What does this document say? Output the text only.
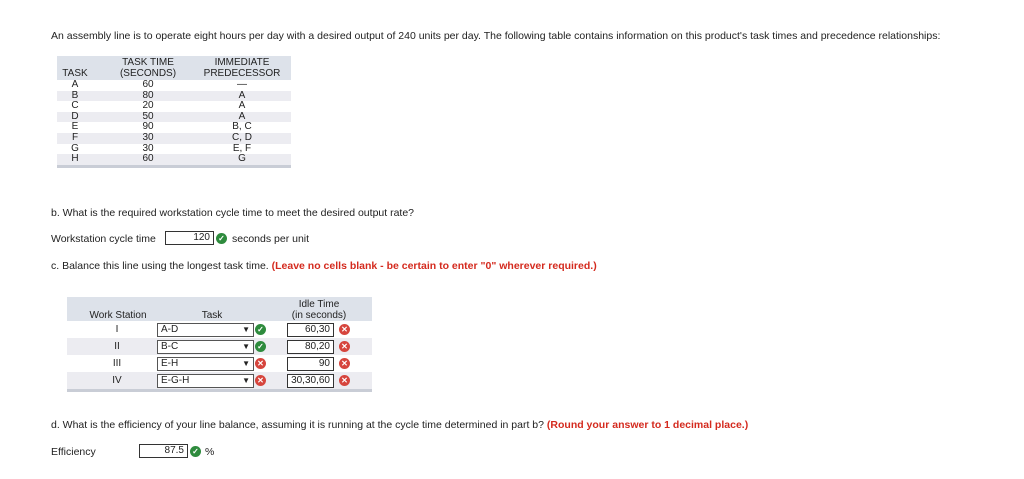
An assembly line is to operate eight hours per day with a desired output of 240 units per day. The following table contains information on this product's task times and precedence relationships:
TASK
TASK TIME
(SECONDS)
IMMEDIATE
PREDECESSOR
A	60	—
B	80	A
C	20	A
D	50	A
E	90	B, C
F	30	C, D
G	30	E, F
H	60	G
b. What is the required workstation cycle time to meet the desired output rate?
Workstation cycle time	120	✓ seconds per unit
c. Balance this line using the longest task time. (Leave no cells blank - be certain to enter "0" wherever required.)
Work Station	Task
Idle Time
(in seconds)
I	A-D	▼ ✓	60,30	✕
II	B-C	▼ ✓	80,20	✕
III	E-H	▼ ✕	90	✕
IV	E-G-H	▼ ✕	30,30,60	✕
d. What is the efficiency of your line balance, assuming it is running at the cycle time determined in part b? (Round your answer to 1 decimal place.)
Efficiency	87.5	✓ %
